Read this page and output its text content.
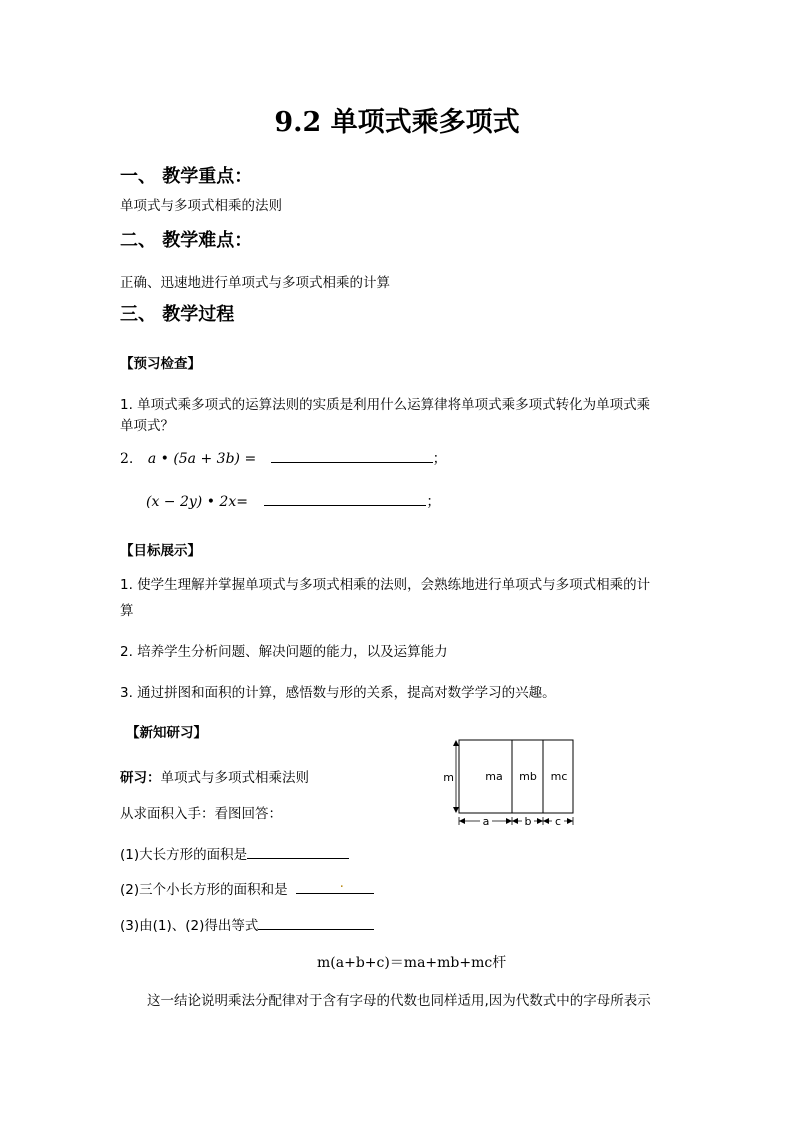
9.2 单项式乘多项式
一、 教学重点：
单项式与多项式相乘的法则
二、 教学难点：
正确、迅速地进行单项式与多项式相乘的计算
三、 教学过程
【预习检查】
1. 单项式乘多项式的运算法则的实质是利用什么运算律将单项式乘多项式转化为单项式乘
单项式？
2. a • (5a + 3b) =	；
(x − 2y) • 2x=	；
【目标展示】
1. 使学生理解并掌握单项式与多项式相乘的法则，会熟练地进行单项式与多项式相乘的计
算
2. 培养学生分析问题、解决问题的能力，以及运算能力
3. 通过拼图和面积的计算，感悟数与形的关系，提高对数学学习的兴趣。
【新知研习】
研习：单项式与多项式相乘法则
从求面积入手：看图回答：
(1)大长方形的面积是
(2)三个小长方形的面积和是	.
(3)由(1)、(2)得出等式
m(a+b+c)＝ma+mb+mc杆
这一结论说明乘法分配律对于含有字母的代数也同样适用,因为代数式中的字母所表示
m	ma mb mc
a	b c
